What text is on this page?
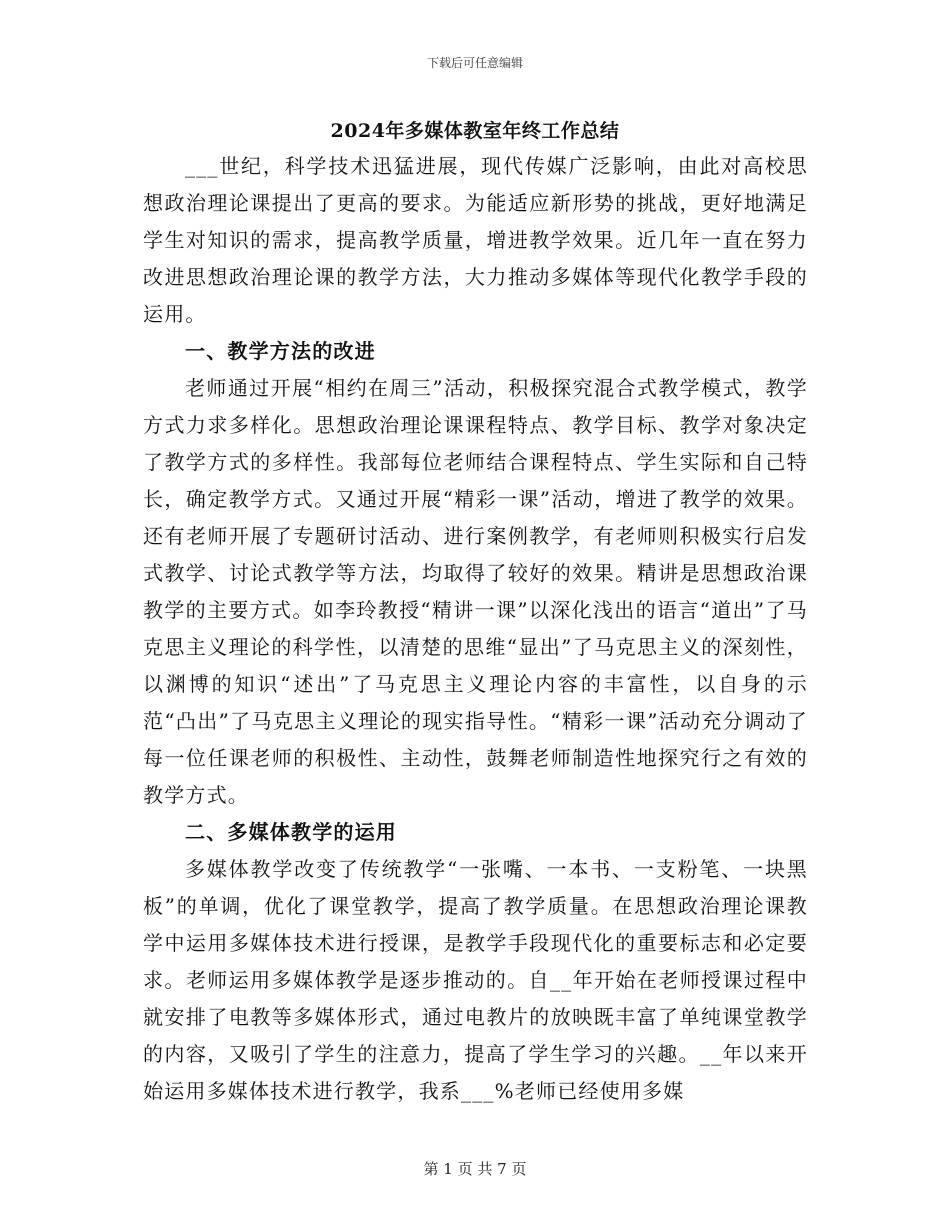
下载后可任意编辑
2024年多媒体教室年终工作总结

___世纪，科学技术迅猛进展，现代传媒广泛影响，由此对高校思想政治理论课提出了更高的要求。为能适应新形势的挑战，更好地满足学生对知识的需求，提高教学质量，增进教学效果。近几年一直在努力改进思想政治理论课的教学方法，大力推动多媒体等现代化教学手段的运用。

一、教学方法的改进

老师通过开展“相约在周三”活动，积极探究混合式教学模式，教学方式力求多样化。思想政治理论课课程特点、教学目标、教学对象决定了教学方式的多样性。我部每位老师结合课程特点、学生实际和自己特长，确定教学方式。又通过开展“精彩一课”活动，增进了教学的效果。还有老师开展了专题研讨活动、进行案例教学，有老师则积极实行启发式教学、讨论式教学等方法，均取得了较好的效果。精讲是思想政治课教学的主要方式。如李玲教授“精讲一课”以深化浅出的语言“道出”了马克思主义理论的科学性，以清楚的思维“显出”了马克思主义的深刻性，以渊博的知识“述出”了马克思主义理论内容的丰富性，以自身的示范“凸出”了马克思主义理论的现实指导性。“精彩一课”活动充分调动了每一位任课老师的积极性、主动性，鼓舞老师制造性地探究行之有效的教学方式。

二、多媒体教学的运用

多媒体教学改变了传统教学“一张嘴、一本书、一支粉笔、一块黑板”的单调，优化了课堂教学，提高了教学质量。在思想政治理论课教学中运用多媒体技术进行授课，是教学手段现代化的重要标志和必定要求。老师运用多媒体教学是逐步推动的。自__年开始在老师授课过程中就安排了电教等多媒体形式，通过电教片的放映既丰富了单纯课堂教学的内容，又吸引了学生的注意力，提高了学生学习的兴趣。__年以来开始运用多媒体技术进行教学，我系___%老师已经使用多媒

第 1 页 共 7 页
